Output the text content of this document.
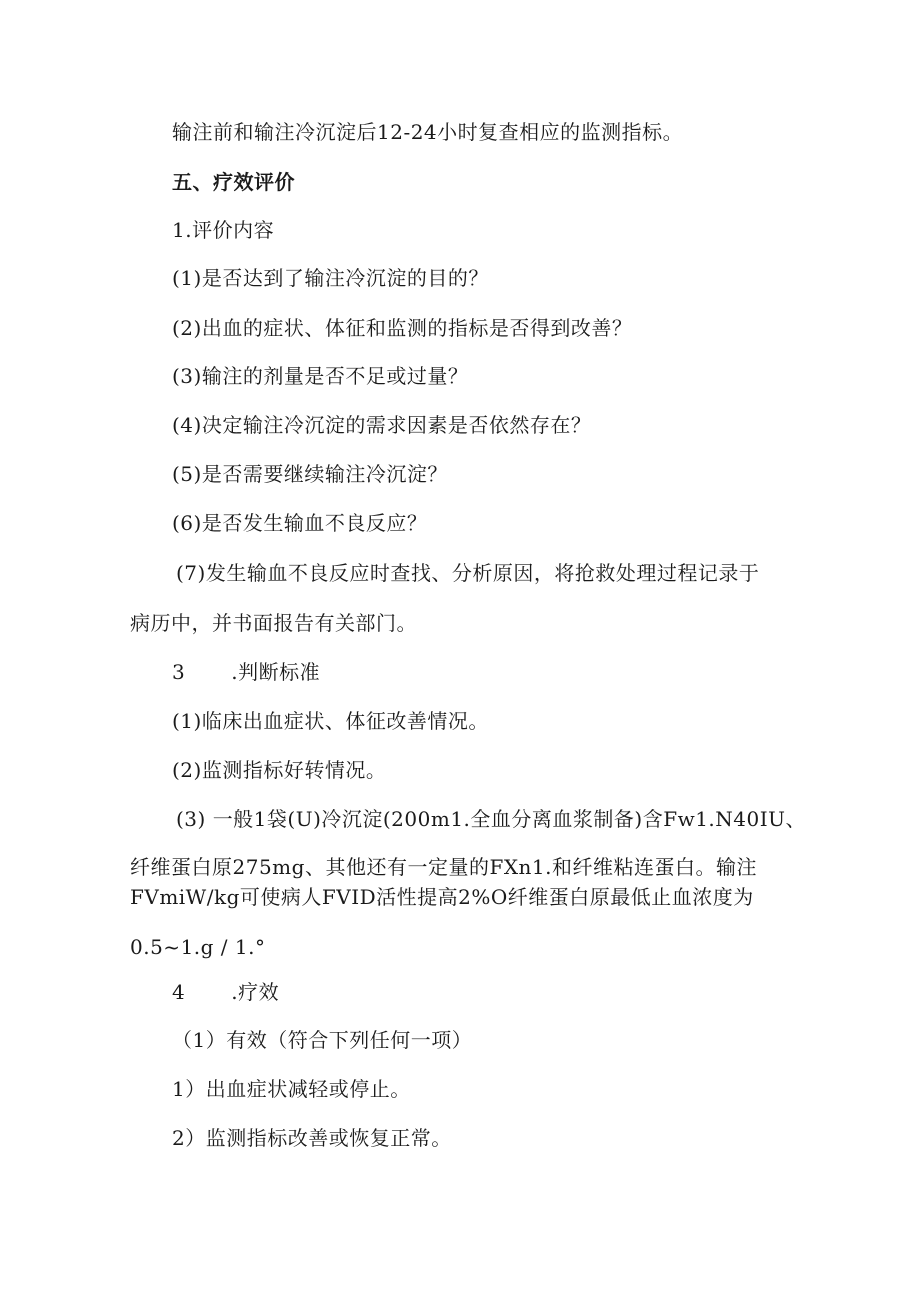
输注前和输注冷沉淀后12-24小时复查相应的监测指标。
五、疗效评价
1.评价内容
(1)是否达到了输注冷沉淀的目的？
(2)出血的症状、体征和监测的指标是否得到改善？
(3)输注的剂量是否不足或过量？
(4)决定输注冷沉淀的需求因素是否依然存在？
(5)是否需要继续输注冷沉淀？
(6)是否发生输血不良反应？
(7)发生输血不良反应时查找、分析原因，将抢救处理过程记录于
病历中，并书面报告有关部门。
3 .判断标准
(1)临床出血症状、体征改善情况。
(2)监测指标好转情况。
(3) 一般1袋(U)冷沉淀(200m1.全血分离血浆制备)含Fw1.N40IU、
纤维蛋白原275mg、其他还有一定量的FXn1.和纤维粘连蛋白。输注
FVmiW/kg可使病人FVID活性提高2%O纤维蛋白原最低止血浓度为
0.5~1.g / 1.°
4 .疗效
（1）有效（符合下列任何一项）
1）出血症状减轻或停止。
2）监测指标改善或恢复正常。
